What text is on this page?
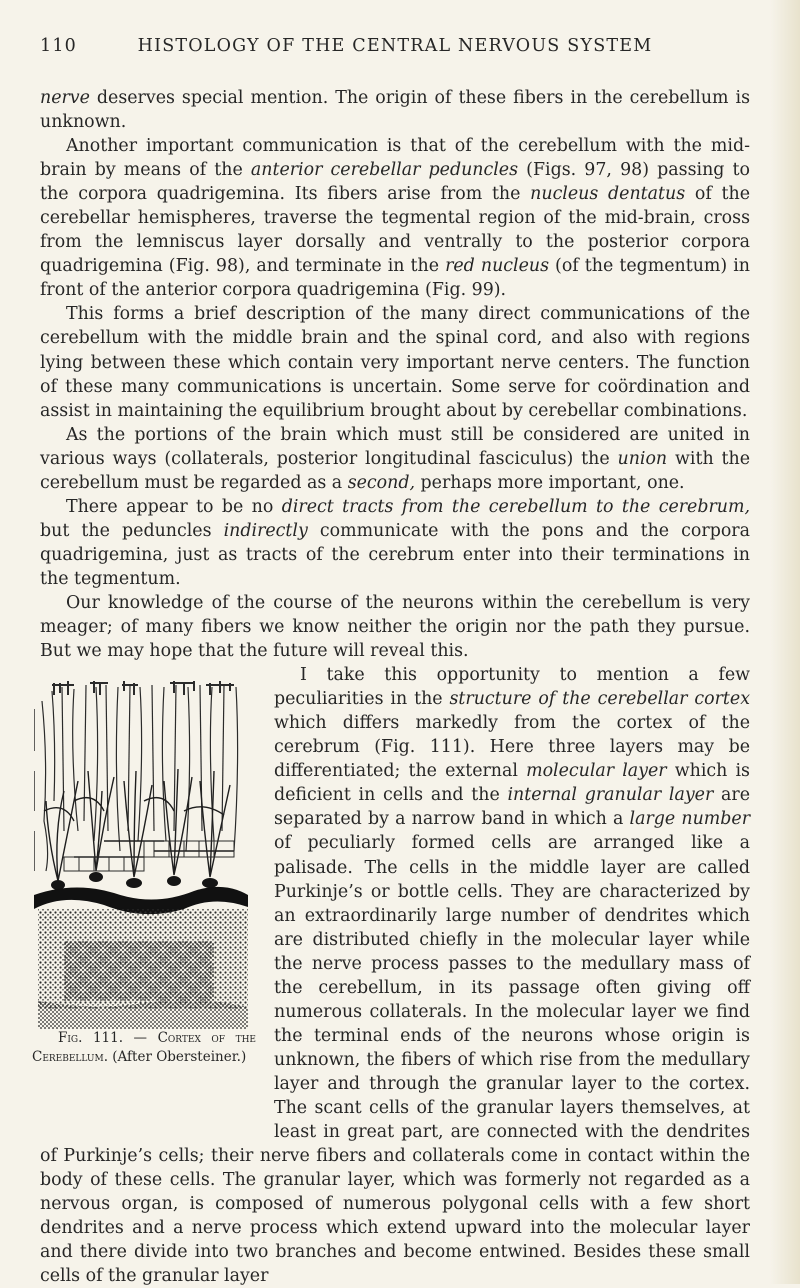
110	HISTOLOGY OF THE CENTRAL NERVOUS SYSTEM

nerve deserves special mention. The origin of these fibers in the cerebellum is unknown.

Another important communication is that of the cerebellum with the mid-brain by means of the anterior cerebellar peduncles (Figs. 97, 98) passing to the corpora quadrigemina. Its fibers arise from the nucleus dentatus of the cerebellar hemispheres, traverse the tegmental region of the mid-brain, cross from the lemniscus layer dorsally and ventrally to the posterior corpora quadrigemina (Fig. 98), and terminate in the red nucleus (of the tegmentum) in front of the anterior corpora quadrigemina (Fig. 99).

This forms a brief description of the many direct communications of the cerebellum with the middle brain and the spinal cord, and also with regions lying between these which contain very important nerve centers. The function of these many communications is uncertain. Some serve for coördination and assist in maintaining the equilibrium brought about by cerebellar combinations.

As the portions of the brain which must still be considered are united in various ways (collaterals, posterior longitudinal fasciculus) the union with the cerebellum must be regarded as a second, perhaps more important, one.

There appear to be no direct tracts from the cerebellum to the cerebrum, but the peduncles indirectly communicate with the pons and the corpora quadrigemina, just as tracts of the cerebrum enter into their terminations in the tegmentum.

Our knowledge of the course of the neurons within the cerebellum is very meager; of many fibers we know neither the origin nor the path they pursue. But we may hope that the future will reveal this.

Fig. 111. — Cortex of the Cerebellum. (After Obersteiner.)
I take this opportunity to mention a few peculiarities in the structure of the cerebellar cortex which differs markedly from the cortex of the cerebrum (Fig. 111). Here three layers may be differentiated; the external molecular layer which is deficient in cells and the internal granular layer are separated by a narrow band in which a large number of peculiarly formed cells are arranged like a palisade. The cells in the middle layer are called Purkinje’s or bottle cells. They are characterized by an extraordinarily large number of dendrites which are distributed chiefly in the molecular layer while the nerve process passes to the medullary mass of the cerebellum, in its passage often giving off numerous collaterals. In the molecular layer we find the terminal ends of the neurons whose origin is unknown, the fibers of which rise from the medullary layer and through the granular layer to the cortex. The scant cells of the granular layers themselves, at least in great part, are connected with the dendrites of Purkinje’s cells; their nerve fibers and collaterals come in contact within the body of these cells. The granular layer, which was formerly not regarded as a nervous organ, is composed of numerous polygonal cells with a few short dendrites and a nerve process which extend upward into the molecular layer and there divide into two branches and become entwined. Besides these small cells of the granular layer
